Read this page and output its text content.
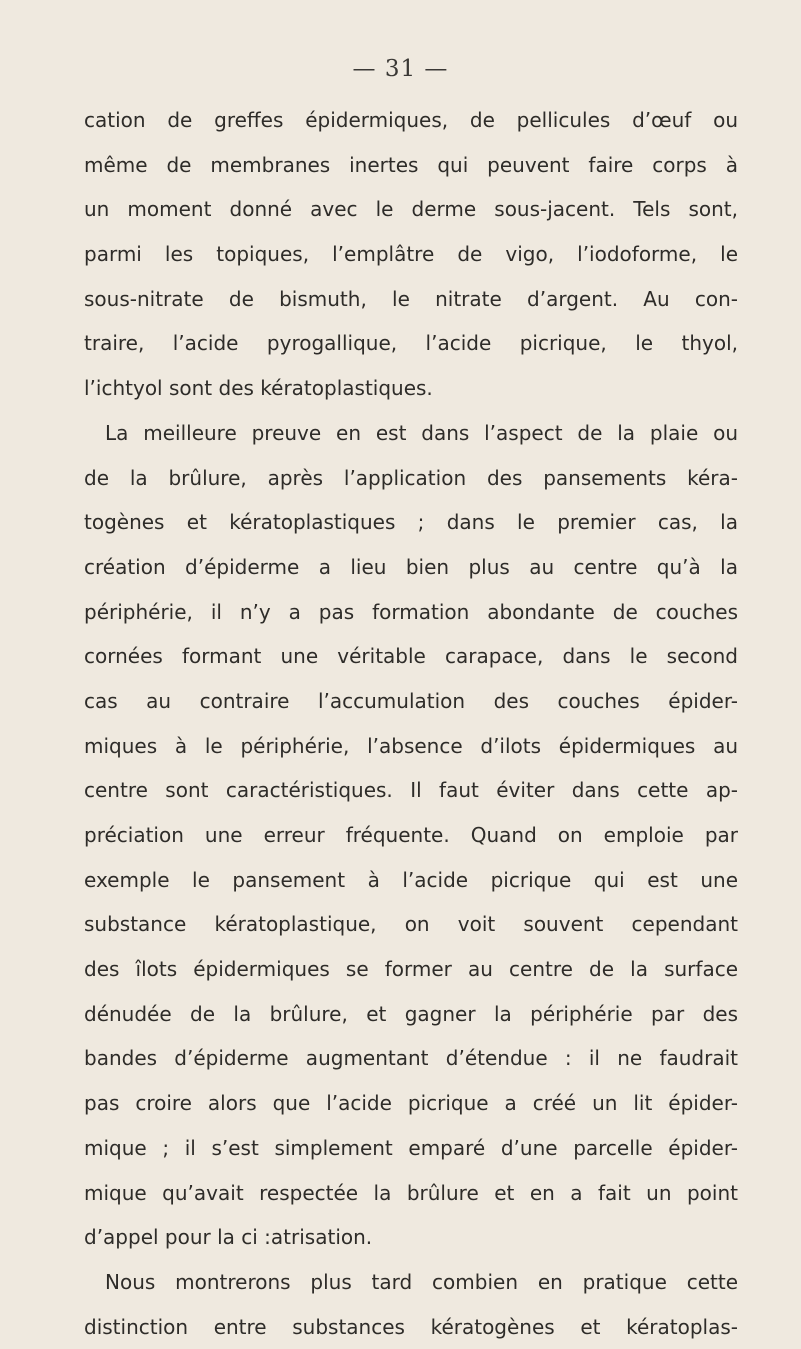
— 31 —
cation de greffes épidermiques, de pellicules d’œuf ou
même de membranes inertes qui peuvent faire corps à
un moment donné avec le derme sous-jacent. Tels sont,
parmi les topiques, l’emplâtre de vigo, l’iodoforme, le
sous-nitrate de bismuth, le nitrate d’argent. Au con-
traire, l’acide pyrogallique, l’acide picrique, le thyol,
l’ichtyol sont des kératoplastiques.
La meilleure preuve en est dans l’aspect de la plaie ou
de la brûlure, après l’application des pansements kéra-
togènes et kératoplastiques ; dans le premier cas, la
création d’épiderme a lieu bien plus au centre qu’à la
périphérie, il n’y a pas formation abondante de couches
cornées formant une véritable carapace, dans le second
cas au contraire l’accumulation des couches épider-
miques à le périphérie, l’absence d’ilots épidermiques au
centre sont caractéristiques. Il faut éviter dans cette ap-
préciation une erreur fréquente. Quand on emploie par
exemple le pansement à l’acide picrique qui est une
substance kératoplastique, on voit souvent cependant
des îlots épidermiques se former au centre de la surface
dénudée de la brûlure, et gagner la périphérie par des
bandes d’épiderme augmentant d’étendue : il ne faudrait
pas croire alors que l’acide picrique a créé un lit épider-
mique ; il s’est simplement emparé d’une parcelle épider-
mique qu’avait respectée la brûlure et en a fait un point
d’appel pour la ci :atrisation.
Nous montrerons plus tard combien en pratique cette
distinction entre substances kératogènes et kératoplas-
